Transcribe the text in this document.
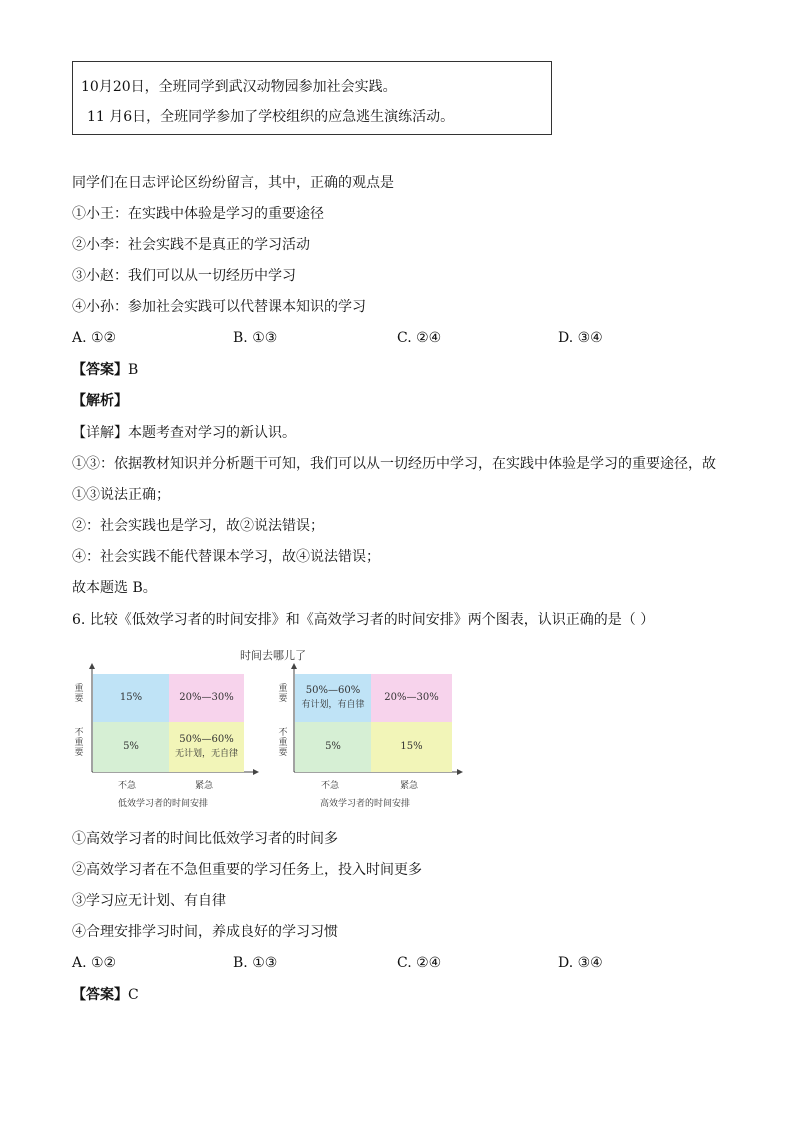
10月20日，全班同学到武汉动物园参加社会实践。
11 月6日，全班同学参加了学校组织的应急逃生演练活动。
同学们在日志评论区纷纷留言，其中，正确的观点是
①小王：在实践中体验是学习的重要途径
②小李：社会实践不是真正的学习活动
③小赵：我们可以从一切经历中学习
④小孙：参加社会实践可以代替课本知识的学习
A. ①②	B. ①③	C. ②④	D. ③④
【答案】B
【解析】
【详解】本题考查对学习的新认识。
①③：依据教材知识并分析题干可知，我们可以从一切经历中学习，在实践中体验是学习的重要途径，故
①③说法正确；
②：社会实践也是学习，故②说法错误；
④：社会实践不能代替课本学习，故④说法错误；
故本题选 B。
6. 比较《低效学习者的时间安排》和《高效学习者的时间安排》两个图表，认识正确的是（ ）
时间去哪儿了
15%	20%—30%
5%
50%—60%
无计划，无自律
重要
不重要
不急	紧急
低效学习者的时间安排
50%—60%
有计划，有自律
20%—30%
5%	15%
重要
不重要
不急	紧急
高效学习者的时间安排
①高效学习者的时间比低效学习者的时间多
②高效学习者在不急但重要的学习任务上，投入时间更多
③学习应无计划、有自律
④合理安排学习时间，养成良好的学习习惯
A. ①②	B. ①③	C. ②④	D. ③④
【答案】C
